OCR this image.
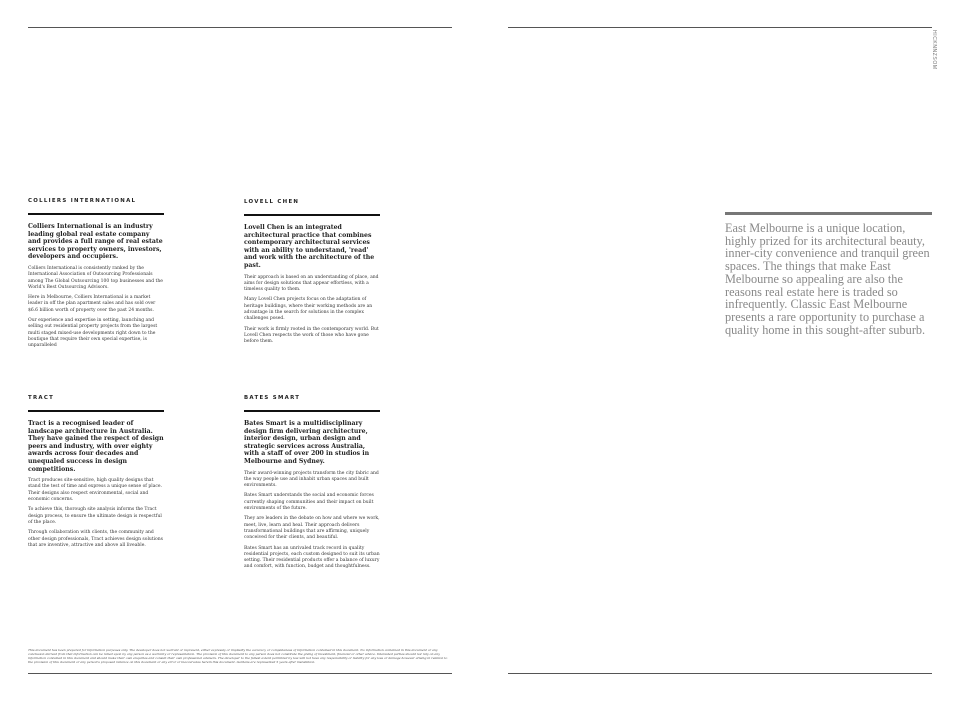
HICKNNZSOM

COLLIERS INTERNATIONAL

Colliers International is an industry leading global real estate company and provides a full range of real estate services to property owners, investors, developers and occupiers.

Colliers International is consistently ranked by the International Association of Outsourcing Professionals among The Global Outsourcing 100 top businesses and the World's Best Outsourcing Advisors.

Here in Melbourne, Colliers International is a market leader in off the plan apartment sales and has sold over $6.6 billion worth of property over the past 24 months.

Our experience and expertise in setting, launching and selling out residential property projects from the largest multi staged mixed-use developments right down to the boutique that require their own special expertise, is unparalleled

LOVELL CHEN

Lovell Chen is an integrated architectural practice that combines contemporary architectural services with an ability to understand, 'read' and work with the architecture of the past.

Their approach is based on an understanding of place, and aims for design solutions that appear effortless, with a timeless quality to them.

Many Lovell Chen projects focus on the adaptation of heritage buildings, where their working methods are an advantage in the search for solutions in the complex challenges posed.

Their work is firmly rooted in the contemporary world. But Lovell Chen respects the work of those who have gone before them.

TRACT

Tract is a recognised leader of landscape architecture in Australia. They have gained the respect of design peers and industry, with over eighty awards across four decades and unequaled success in design competitions.

Tract produces site-sensitive, high quality designs that stand the test of time and express a unique sense of place. Their designs also respect environmental, social and economic concerns.

To achieve this, thorough site analysis informs the Tract design process, to ensure the ultimate design is respectful of the place.

Through collaboration with clients, the community and other design professionals, Tract achieves design solutions that are inventive, attractive and above all liveable.

BATES SMART

Bates Smart is a multidisciplinary design firm delivering architecture, interior design, urban design and strategic services across Australia, with a staff of over 200 in studios in Melbourne and Sydney.

Their award-winning projects transform the city fabric and the way people use and inhabit urban spaces and built environments.

Bates Smart understands the social and economic forces currently shaping communities and their impact on built environments of the future.

They are leaders in the debate on how and where we work, meet, live, learn and heal. Their approach delivers transformational buildings that are affirming, uniquely conceived for their clients, and beautiful.

Bates Smart has an unrivaled track record in quality residential projects, each custom designed to suit its urban setting. Their residential products offer a balance of luxury and comfort, with function, budget and thoughtfulness.

East Melbourne is a unique location, highly prized for its architectural beauty, inner-city convenience and tranquil green spaces. The things that make East Melbourne so appealing are also the reasons real estate here is traded so infrequently. Classic East Melbourne presents a rare opportunity to purchase a quality home in this sought-after suburb.

This document has been prepared for information purposes only. The developer does not warrant or represent, either expressly or impliedly the accuracy or completeness of information contained in this document. No information contained in this document or any conclusion derived from that information can be relied upon by any person as a warranty or representation. The provision of this document to any person does not constitute the giving of investment, financial or other advice. Interested parties should not rely on any information contained in this document and should make their own enquiries and consult their own professional advisers. The developer to the fullest extent permitted by law will not have any responsibility or liability for any loss or damage however arising in relation to the provision of this document or any person's proposed reliance on this document or any error or inaccuracies herein this document. Gardens are represented 5 years after installation.
